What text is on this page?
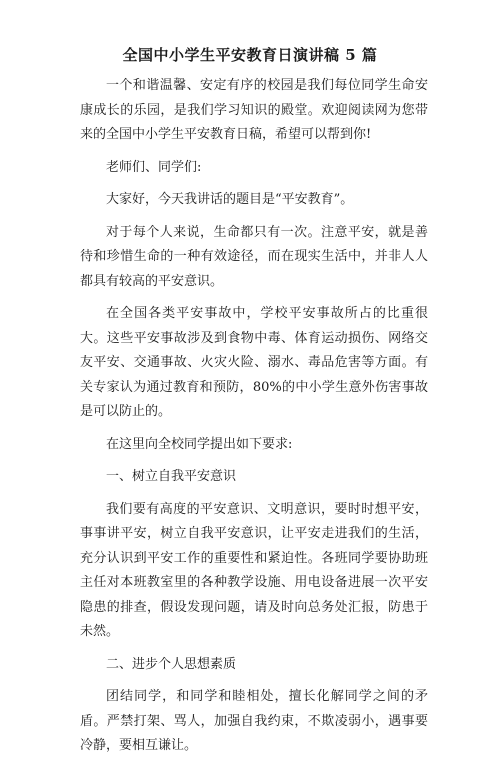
全国中小学生平安教育日演讲稿 5 篇

一个和谐温馨、安定有序的校园是我们每位同学生命安康成长的乐园，是我们学习知识的殿堂。欢迎阅读网为您带来的全国中小学生平安教育日稿，希望可以帮到你!

老师们、同学们:

大家好，今天我讲话的题目是“平安教育”。

对于每个人来说，生命都只有一次。注意平安，就是善待和珍惜生命的一种有效途径，而在现实生活中，并非人人都具有较高的平安意识。

在全国各类平安事故中，学校平安事故所占的比重很大。这些平安事故涉及到食物中毒、体育运动损伤、网络交友平安、交通事故、火灾火险、溺水、毒品危害等方面。有关专家认为通过教育和预防，80%的中小学生意外伤害事故是可以防止的。

在这里向全校同学提出如下要求:

一、树立自我平安意识

我们要有高度的平安意识、文明意识，要时时想平安，事事讲平安，树立自我平安意识，让平安走进我们的生活，充分认识到平安工作的重要性和紧迫性。各班同学要协助班主任对本班教室里的各种教学设施、用电设备进展一次平安隐患的排查，假设发现问题，请及时向总务处汇报，防患于未然。

二、进步个人思想素质

团结同学，和同学和睦相处，擅长化解同学之间的矛盾。严禁打架、骂人，加强自我约束，不欺凌弱小，遇事要冷静，要相互谦让。
